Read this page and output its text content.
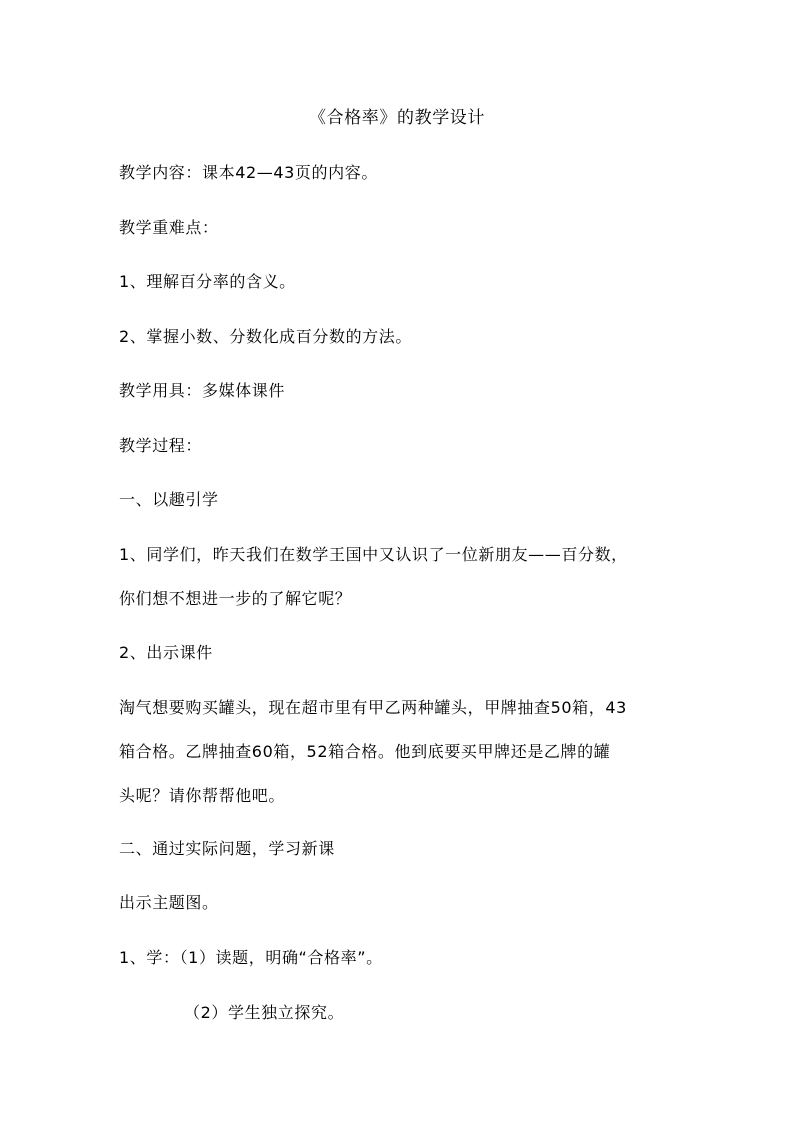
《合格率》的教学设计
教学内容：课本42—43页的内容。
教学重难点：
1、理解百分率的含义。
2、掌握小数、分数化成百分数的方法。
教学用具：多媒体课件
教学过程：
一、以趣引学
1、同学们，昨天我们在数学王国中又认识了一位新朋友——百分数，
你们想不想进一步的了解它呢？
2、出示课件
淘气想要购买罐头，现在超市里有甲乙两种罐头，甲牌抽查50箱，43
箱合格。乙牌抽查60箱，52箱合格。他到底要买甲牌还是乙牌的罐
头呢？请你帮帮他吧。
二、通过实际问题，学习新课
出示主题图。
1、学：（1）读题，明确“合格率”。
（2）学生独立探究。
